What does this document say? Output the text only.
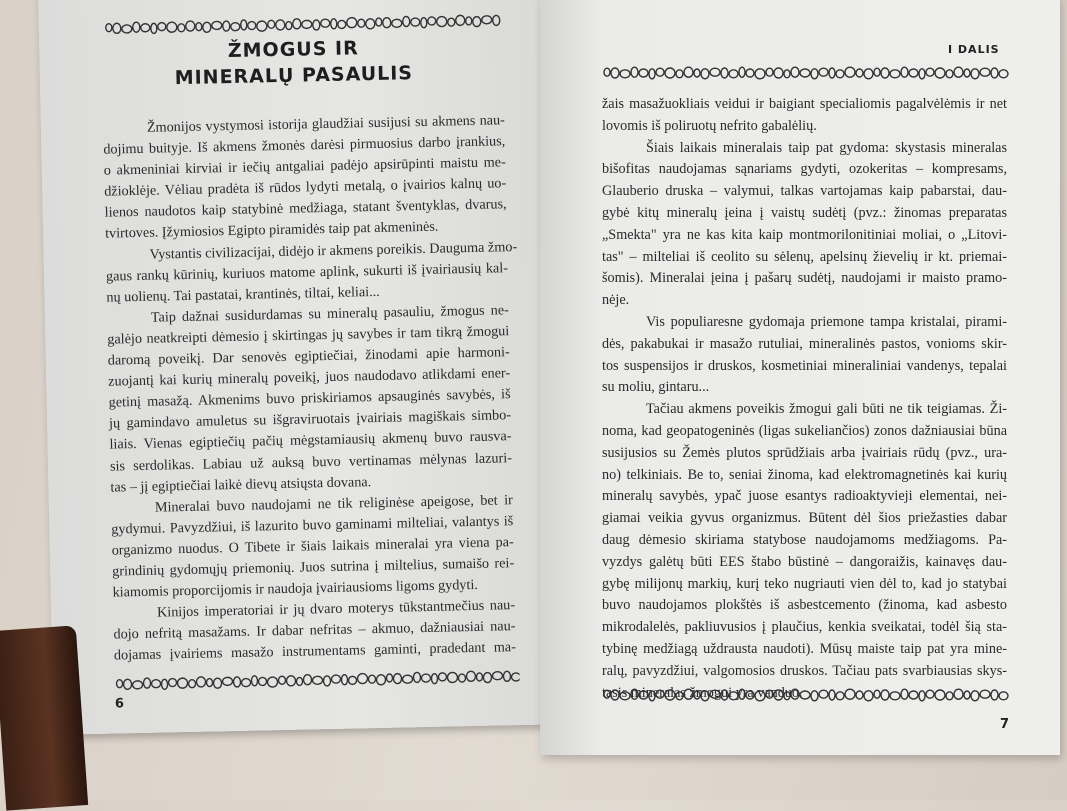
ŽMOGUS IR
MINERALŲ PASAULIS
Žmonijos vystymosi istorija glaudžiai susijusi su akmens nau-
dojimu buityje. Iš akmens žmonės darėsi pirmuosius darbo įrankius,
o akmeniniai kirviai ir iečių antgaliai padėjo apsirūpinti maistu me-
džioklėje. Vėliau pradėta iš rūdos lydyti metalą, o įvairios kalnų uo-
lienos naudotos kaip statybinė medžiaga, statant šventyklas, dvarus,
tvirtoves. Įžymiosios Egipto piramidės taip pat akmeninės.
Vystantis civilizacijai, didėjo ir akmens poreikis. Dauguma žmo-
gaus rankų kūrinių, kuriuos matome aplink, sukurti iš įvairiausių kal-
nų uolienų. Tai pastatai, krantinės, tiltai, keliai...
Taip dažnai susidurdamas su mineralų pasauliu, žmogus ne-
galėjo neatkreipti dėmesio į skirtingas jų savybes ir tam tikrą žmogui
daromą poveikį. Dar senovės egiptiečiai, žinodami apie harmoni-
zuojantį kai kurių mineralų poveikį, juos naudodavo atlikdami ener-
getinį masažą. Akmenims buvo priskiriamos apsauginės savybės, iš
jų gamindavo amuletus su išgraviruotais įvairiais magiškais simbo-
liais. Vienas egiptiečių pačių mėgstamiausių akmenų buvo rausva-
sis serdolikas. Labiau už auksą buvo vertinamas mėlynas lazuri-
tas – jį egiptiečiai laikė dievų atsiųsta dovana.
Mineralai buvo naudojami ne tik religinėse apeigose, bet ir
gydymui. Pavyzdžiui, iš lazurito buvo gaminami milteliai, valantys iš
organizmo nuodus. O Tibete ir šiais laikais mineralai yra viena pa-
grindinių gydomųjų priemonių. Juos sutrina į miltelius, sumaišo rei-
kiamomis proporcijomis ir naudoja įvairiausioms ligoms gydyti.
Kinijos imperatoriai ir jų dvaro moterys tūkstantmečius nau-
dojo nefritą masažams. Ir dabar nefritas – akmuo, dažniausiai nau-
dojamas įvairiems masažo instrumentams gaminti, pradedant ma-
6
I DALIS
žais masažuokliais veidui ir baigiant specialiomis pagalvėlėmis ir net
lovomis iš poliruotų nefrito gabalėlių.
Šiais laikais mineralais taip pat gydoma: skystasis mineralas
bišofitas naudojamas sąnariams gydyti, ozokeritas – kompresams,
Glauberio druska – valymui, talkas vartojamas kaip pabarstai, dau-
gybė kitų mineralų įeina į vaistų sudėtį (pvz.: žinomas preparatas
„Smekta" yra ne kas kita kaip montmorilonitiniai moliai, o „Litovi-
tas" – milteliai iš ceolito su sėlenų, apelsinų žievelių ir kt. priemai-
šomis). Mineralai įeina į pašarų sudėtį, naudojami ir maisto pramo-
nėje.
Vis populiaresne gydomaja priemone tampa kristalai, pirami-
dės, pakabukai ir masažo rutuliai, mineralinės pastos, vonioms skir-
tos suspensijos ir druskos, kosmetiniai mineraliniai vandenys, tepalai
su moliu, gintaru...
Tačiau akmens poveikis žmogui gali būti ne tik teigiamas. Ži-
noma, kad geopatogeninės (ligas sukeliančios) zonos dažniausiai būna
susijusios su Žemės plutos sprūdžiais arba įvairiais rūdų (pvz., ura-
no) telkiniais. Be to, seniai žinoma, kad elektromagnetinės kai kurių
mineralų savybės, ypač juose esantys radioaktyvieji elementai, nei-
giamai veikia gyvus organizmus. Būtent dėl šios priežasties dabar
daug dėmesio skiriama statybose naudojamoms medžiagoms. Pa-
vyzdys galėtų būti EES štabo būstinė – dangoraižis, kainavęs dau-
gybę milijonų markių, kurį teko nugriauti vien dėl to, kad jo statybai
buvo naudojamos plokštės iš asbestcemento (žinoma, kad asbesto
mikrodalelės, pakliuvusios į plaučius, kenkia sveikatai, todėl šią sta-
tybinę medžiagą uždrausta naudoti). Mūsų maiste taip pat yra mine-
ralų, pavyzdžiui, valgomosios druskos. Tačiau pats svarbiausias skys-
tasis mineralas žmogui yra vanduo.
7
